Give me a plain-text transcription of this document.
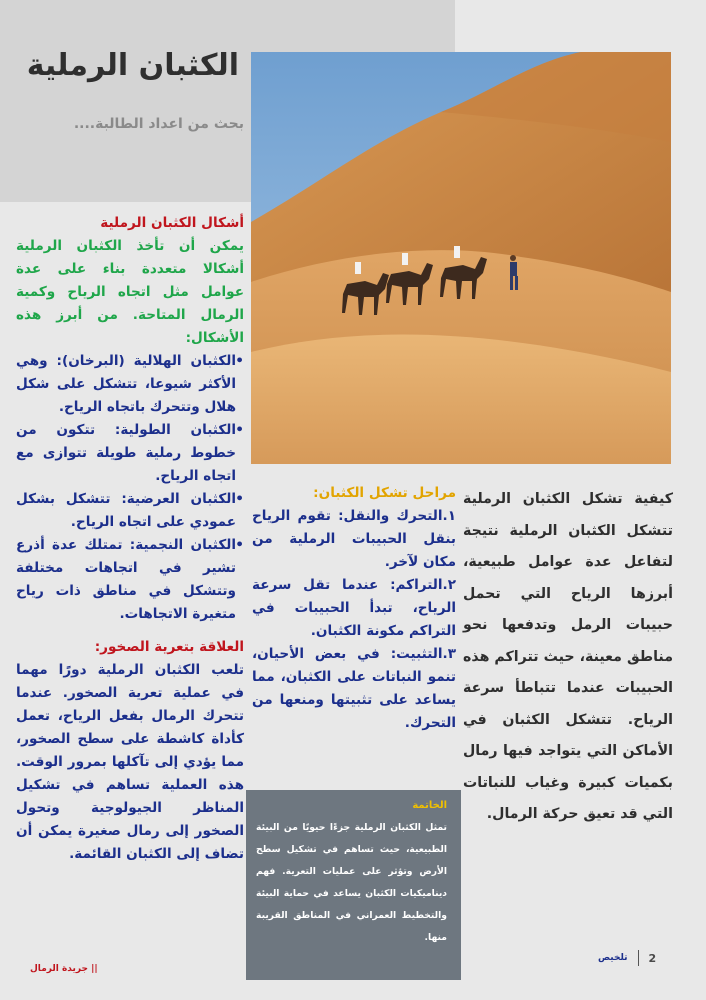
الكثبان الرملية
بحث من اعداد الطالبة....
أشكال الكثبان الرملية
يمكن أن تأخذ الكثبان الرملية أشكالا متعددة بناء على عدة عوامل مثل اتجاه الرياح وكمية الرمال المتاحة. من أبرز هذه الأشكال:
• الكثبان الهلالية (البرخان): وهي الأكثر شيوعا، تتشكل على شكل هلال وتتحرك باتجاه الرياح.
• الكثبان الطولية: تتكون من خطوط رملية طويلة تتوازى مع اتجاه الرياح.
• الكثبان العرضية: تتشكل بشكل عمودي على اتجاه الرياح.
• الكثبان النجمية: تمتلك عدة أذرع تشير في اتجاهات مختلفة وتتشكل في مناطق ذات رياح متغيرة الاتجاهات.
العلاقة بتعرية الصخور:
تلعب الكثبان الرملية دورًا مهما في عملية تعرية الصخور. عندما تتحرك الرمال بفعل الرياح، تعمل كأداة كاشطة على سطح الصخور، مما يؤدي إلى تآكلها بمرور الوقت. هذه العملية تساهم في تشكيل المناظر الجيولوجية وتحول الصخور إلى رمال صغيرة يمكن أن تضاف إلى الكثبان القائمة.
مراحل تشكل الكثبان:
١.التحرك والنقل: تقوم الرياح بنقل الحبيبات الرملية من مكان لآخر.
٢.التراكم: عندما تقل سرعة الرياح، تبدأ الحبيبات في التراكم مكونة الكثبان.
٣.التثبيت: في بعض الأحيان، تنمو النباتات على الكثبان، مما يساعد على تثبيتها ومنعها من التحرك.
كيفية تشكل الكثبان الرملية تتشكل الكثبان الرملية نتيجة لتفاعل عدة عوامل طبيعية، أبرزها الرياح التي تحمل حبيبات الرمل وتدفعها نحو مناطق معينة، حيث تتراكم هذه الحبيبات عندما تتباطأ سرعة الرياح. تتشكل الكثبان في الأماكن التي يتواجد فيها رمال بكميات كبيرة وغياب للنباتات التي قد تعيق حركة الرمال.
الخاتمة

تمثل الكثبان الرملية جزءًا حيويًا من البيئة الطبيعية، حيث تساهم في تشكيل سطح الأرض وتؤثر على عمليات التعرية. فهم ديناميكيات الكثبان يساعد في حماية البيئة والتخطيط العمراني في المناطق القريبة منها.

|| جريدة الرمال
تلخيص 2
